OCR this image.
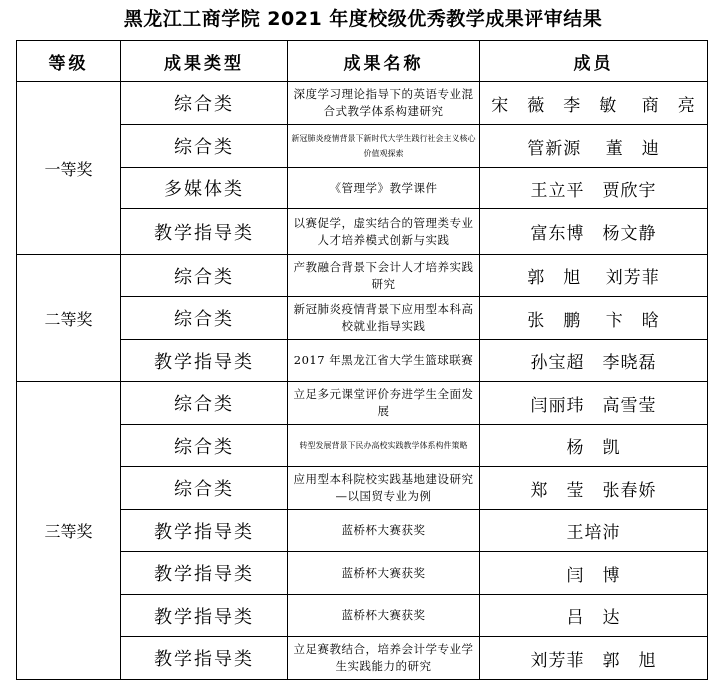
黑龙江工商学院 2021 年度校级优秀教学成果评审结果
等级	成果类型	成果名称	成员
一等奖	综合类	深度学习理论指导下的英语专业混合式教学体系构建研究	宋　薇　李　敏　 商　亮
	综合类	新冠肺炎疫情背景下新时代大学生践行社会主义核心价值观探索	管新源　 董　迪
	多媒体类	《管理学》教学课件	王立平　贾欣宇
	教学指导类	以赛促学，虚实结合的管理类专业人才培养模式创新与实践	富东博　杨文静
二等奖	综合类	产教融合背景下会计人才培养实践研究	郭　旭　 刘芳菲
	综合类	新冠肺炎疫情背景下应用型本科高校就业指导实践	张　鹏　 卞　晗
	教学指导类	2017 年黑龙江省大学生篮球联赛	孙宝超　李晓磊
三等奖	综合类	立足多元课堂评价夯进学生全面发展	闫丽玮　高雪莹
	综合类	转型发展背景下民办高校实践教学体系构件策略	杨　凯
	综合类	应用型本科院校实践基地建设研究—以国贸专业为例	郑　莹　张春娇
	教学指导类	蓝桥杯大赛获奖	王培沛
	教学指导类	蓝桥杯大赛获奖	闫　博
	教学指导类	蓝桥杯大赛获奖	吕　达
	教学指导类	立足赛教结合，培养会计学专业学生实践能力的研究	刘芳菲　郭　旭
